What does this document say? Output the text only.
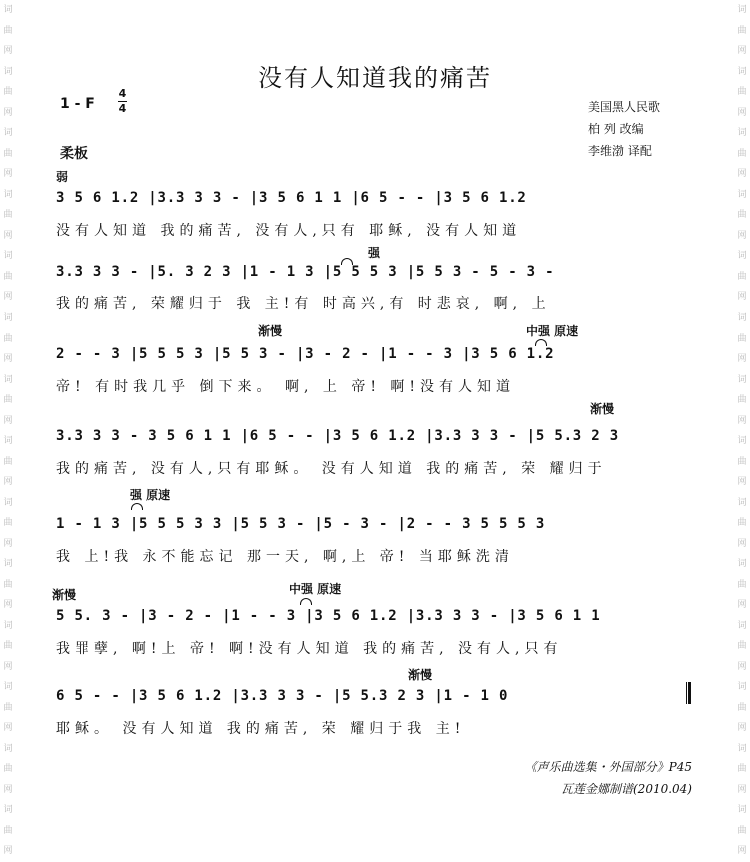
词
曲
网
词
曲
网
词
曲
网
词
曲
网
词
曲
网
词
曲
网
词
曲
网
词
曲
网
词
曲
网
词
曲
网
词
曲
网
词
曲
网
词
曲
网
词
曲
网
词
曲
网
词
曲
网
词
曲
网
词
曲
网
词
曲
网
词
曲
网
词
曲
网
词
曲
网
词
曲
网
词
曲
网
词
曲
网
词
曲
网
词
曲
网
词
曲
网
没有人知道我的痛苦
1 - F
4
4
柔板
美国黑人民歌
柏 列 改编
李维渤 译配
弱
强
渐慢	中强 原速
渐慢
强 原速
渐慢	中强 原速
渐慢
3 5 6 1.2 |3.3 3 3 - |3 5 6 1 1 |6 5 - - |3 5 6 1.2
没有人知道 我的痛苦, 没有人,只有 耶稣, 没有人知道
3.3 3 3 - |5. 3 2 3 |1 - 1 3 |5 5 5 3 |5 5 3 - 5 - 3 -
我的痛苦, 荣耀归于 我 主!有 时高兴,有 时悲哀, 啊, 上
2 - - 3 |5 5 5 3 |5 5 3 - |3 - 2 - |1 - - 3 |3 5 6 1.2
帝! 有时我几乎 倒下来。 啊, 上 帝! 啊!没有人知道
3.3 3 3 - 3 5 6 1 1 |6 5 - - |3 5 6 1.2 |3.3 3 3 - |5 5.3 2 3
我的痛苦, 没有人,只有耶稣。 没有人知道 我的痛苦, 荣 耀归于
1 - 1 3 |5 5 5 3 3 |5 5 3 - |5 - 3 - |2 - - 3 5 5 5 3
我 上!我 永不能忘记 那一天, 啊,上 帝! 当耶稣洗清
5 5. 3 - |3 - 2 - |1 - - 3 |3 5 6 1.2 |3.3 3 3 - |3 5 6 1 1
我罪孽, 啊!上 帝! 啊!没有人知道 我的痛苦, 没有人,只有
6 5 - - |3 5 6 1.2 |3.3 3 3 - |5 5.3 2 3 |1 - 1 0
耶稣。 没有人知道 我的痛苦, 荣 耀归于我 主!
《声乐曲选集・外国部分》P45
瓦莲金娜制谱(2010.04)
